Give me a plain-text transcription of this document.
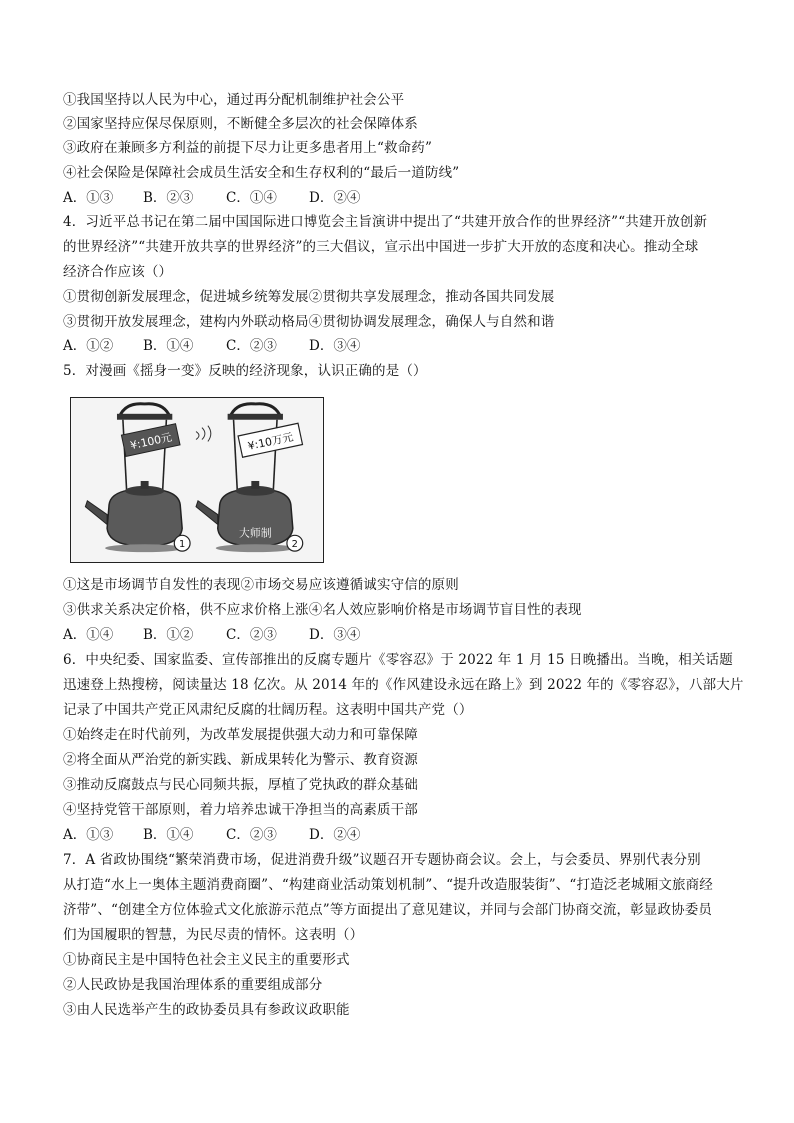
①我国坚持以人民为中心，通过再分配机制维护社会公平
②国家坚持应保尽保原则，不断健全多层次的社会保障体系
③政府在兼顾多方利益的前提下尽力让更多患者用上“救命药”
④社会保险是保障社会成员生活安全和生存权利的“最后一道防线”
A．①③ B．②③ C．①④ D．②④
4．习近平总书记在第二届中国国际进口博览会主旨演讲中提出了“共建开放合作的世界经济”“共建开放创新
的世界经济”“共建开放共享的世界经济”的三大倡议，宣示出中国进一步扩大开放的态度和决心。推动全球
经济合作应该（）
①贯彻创新发展理念，促进城乡统筹发展②贯彻共享发展理念，推动各国共同发展
③贯彻开放发展理念，建构内外联动格局④贯彻协调发展理念，确保人与自然和谐
A．①② B．①④ C．②③ D．③④
5．对漫画《摇身一变》反映的经济现象，认识正确的是（）
1
¥:100元
大师制
2
¥:10万元
①这是市场调节自发性的表现②市场交易应该遵循诚实守信的原则
③供求关系决定价格，供不应求价格上涨④名人效应影响价格是市场调节盲目性的表现
A．①④ B．①② C．②③ D．③④
6．中央纪委、国家监委、宣传部推出的反腐专题片《零容忍》于 2022 年 1 月 15 日晚播出。当晚，相关话题
迅速登上热搜榜，阅读量达 18 亿次。从 2014 年的《作风建设永远在路上》到 2022 年的《零容忍》，八部大片
记录了中国共产党正风肃纪反腐的壮阔历程。这表明中国共产党（）
①始终走在时代前列，为改革发展提供强大动力和可靠保障
②将全面从严治党的新实践、新成果转化为警示、教育资源
③推动反腐鼓点与民心同频共振，厚植了党执政的群众基础
④坚持党管干部原则，着力培养忠诚干净担当的高素质干部
A．①③ B．①④ C．②③ D．②④
7．A 省政协围绕“繁荣消费市场，促进消费升级”议题召开专题协商会议。会上，与会委员、界别代表分别
从打造“水上一奥体主题消费商圈”、“构建商业活动策划机制”、“提升改造服装街”、“打造泛老城厢文旅商经
济带”、“创建全方位体验式文化旅游示范点”等方面提出了意见建议，并同与会部门协商交流，彰显政协委员
们为国履职的智慧，为民尽责的情怀。这表明（）
①协商民主是中国特色社会主义民主的重要形式
②人民政协是我国治理体系的重要组成部分
③由人民选举产生的政协委员具有参政议政职能
